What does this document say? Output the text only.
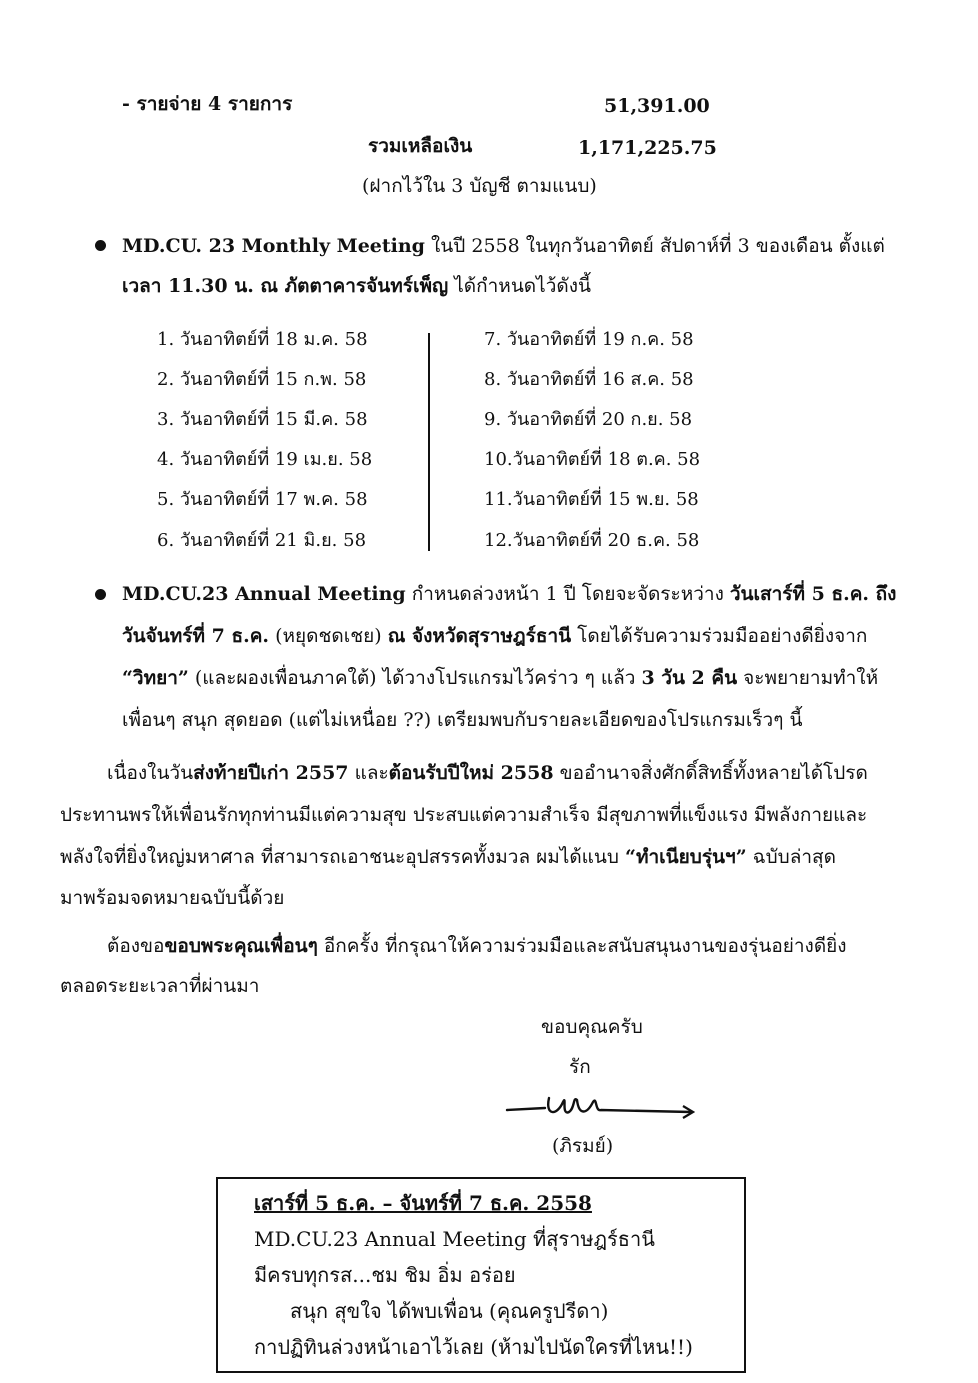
- รายจ่าย 4 รายการ	51,391.00
รวมเหลือเงิน	1,171,225.75
(ฝากไว้ใน 3 บัญชี ตามแนบ)
MD.CU. 23 Monthly Meeting ในปี 2558 ในทุกวันอาทิตย์ สัปดาห์ที่ 3 ของเดือน ตั้งแต่
เวลา 11.30 น. ณ ภัตตาคารจันทร์เพ็ญ ได้กำหนดไว้ดังนี้
1. วันอาทิตย์ที่ 18 ม.ค. 58
2. วันอาทิตย์ที่ 15 ก.พ. 58
3. วันอาทิตย์ที่ 15 มี.ค. 58
4. วันอาทิตย์ที่ 19 เม.ย. 58
5. วันอาทิตย์ที่ 17 พ.ค. 58
6. วันอาทิตย์ที่ 21 มิ.ย. 58
7. วันอาทิตย์ที่ 19 ก.ค. 58
8. วันอาทิตย์ที่ 16 ส.ค. 58
9. วันอาทิตย์ที่ 20 ก.ย. 58
10.วันอาทิตย์ที่ 18 ต.ค. 58
11.วันอาทิตย์ที่ 15 พ.ย. 58
12.วันอาทิตย์ที่ 20 ธ.ค. 58
MD.CU.23 Annual Meeting กำหนดล่วงหน้า 1 ปี โดยจะจัดระหว่าง วันเสาร์ที่ 5 ธ.ค. ถึง
วันจันทร์ที่ 7 ธ.ค. (หยุดชดเชย) ณ จังหวัดสุราษฎร์ธานี โดยได้รับความร่วมมืออย่างดียิ่งจาก
“วิทยา” (และผองเพื่อนภาคใต้) ได้วางโปรแกรมไว้คร่าว ๆ แล้ว 3 วัน 2 คืน จะพยายามทำให้
เพื่อนๆ สนุก สุดยอด (แต่ไม่เหนื่อย ??) เตรียมพบกับรายละเอียดของโปรแกรมเร็วๆ นี้
เนื่องในวันส่งท้ายปีเก่า 2557 และต้อนรับปีใหม่ 2558 ขออำนาจสิ่งศักดิ์สิทธิ์ทั้งหลายได้โปรด
ประทานพรให้เพื่อนรักทุกท่านมีแต่ความสุข ประสบแต่ความสำเร็จ มีสุขภาพที่แข็งแรง มีพลังกายและ
พลังใจที่ยิ่งใหญ่มหาศาล ที่สามารถเอาชนะอุปสรรคทั้งมวล ผมได้แนบ “ทำเนียบรุ่นฯ” ฉบับล่าสุด
มาพร้อมจดหมายฉบับนี้ด้วย
ต้องขอขอบพระคุณเพื่อนๆ อีกครั้ง ที่กรุณาให้ความร่วมมือและสนับสนุนงานของรุ่นอย่างดียิ่ง
ตลอดระยะเวลาที่ผ่านมา
ขอบคุณครับ
รัก
(ภิรมย์)
เสาร์ที่ 5 ธ.ค. – จันทร์ที่ 7 ธ.ค. 2558
MD.CU.23 Annual Meeting ที่สุราษฎร์ธานี
มีครบทุกรส...ชม ชิม อิ่ม อร่อย
สนุก สุขใจ ได้พบเพื่อน (คุณครูปรีดา)
กาปฏิทินล่วงหน้าเอาไว้เลย (ห้ามไปนัดใครที่ไหน!!)
